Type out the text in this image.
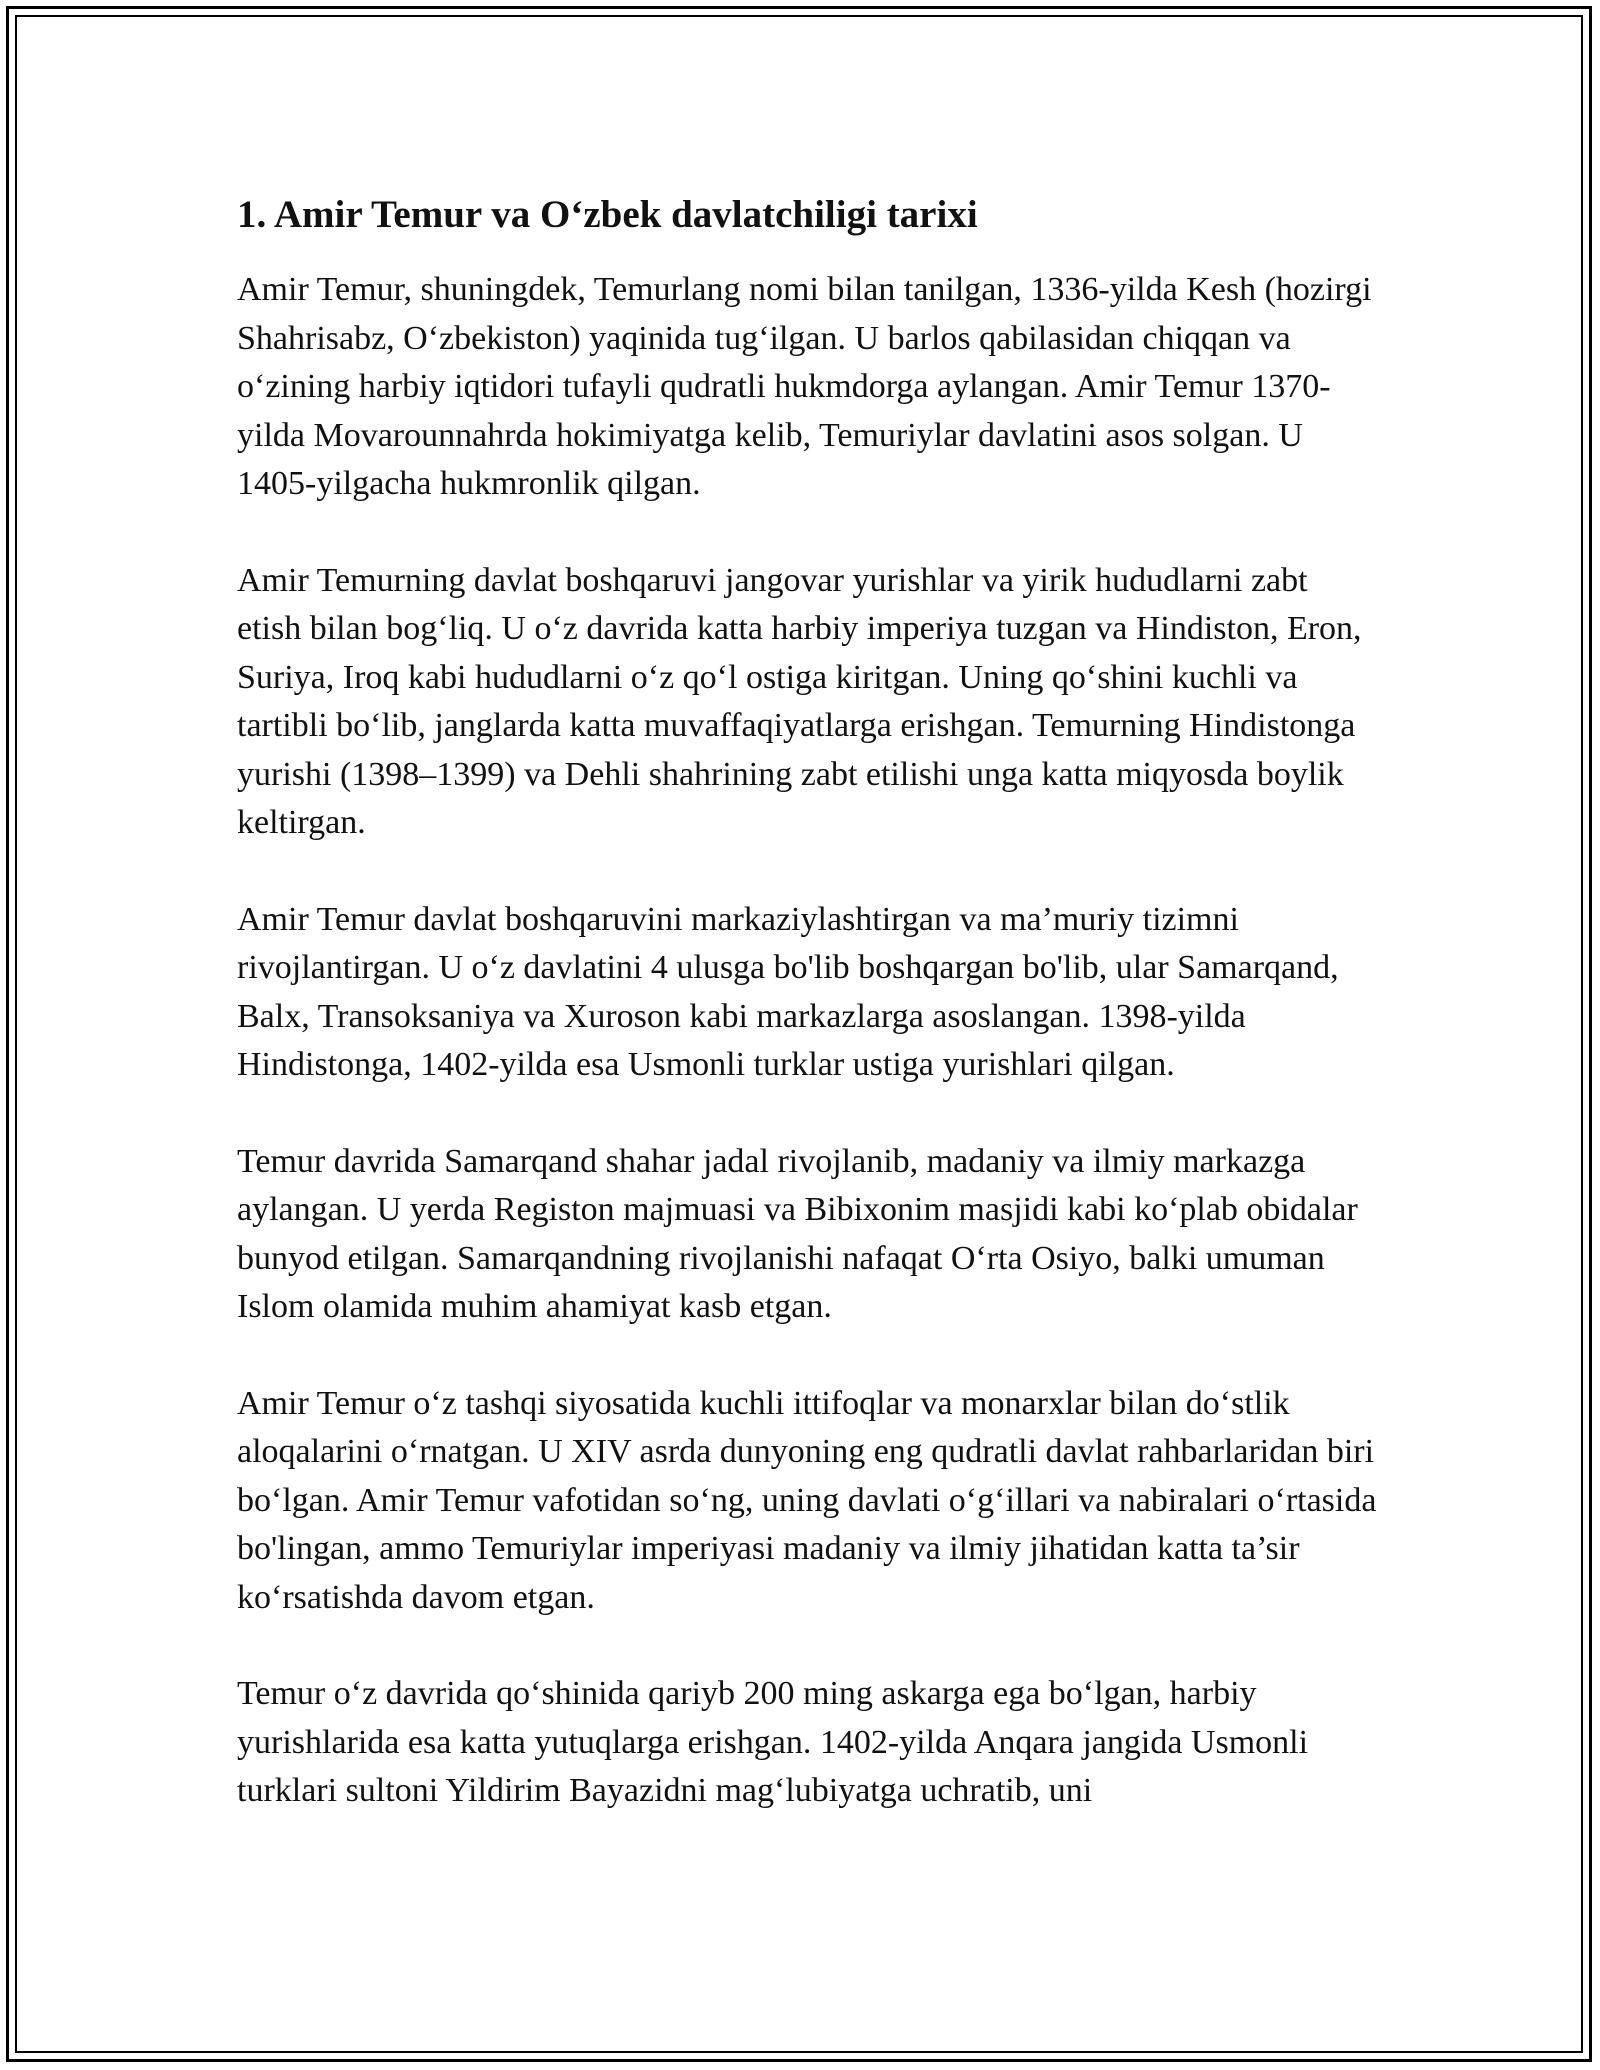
1. Amir Temur va O‘zbek davlatchiligi tarixi

Amir Temur, shuningdek, Temurlang nomi bilan tanilgan, 1336-yilda Kesh (hozirgi Shahrisabz, O‘zbekiston) yaqinida tug‘ilgan. U barlos qabilasidan chiqqan va o‘zining harbiy iqtidori tufayli qudratli hukmdorga aylangan. Amir Temur 1370-yilda Movarounnahrda hokimiyatga kelib, Temuriylar davlatini asos solgan. U 1405-yilgacha hukmronlik qilgan.

Amir Temurning davlat boshqaruvi jangovar yurishlar va yirik hududlarni zabt etish bilan bog‘liq. U o‘z davrida katta harbiy imperiya tuzgan va Hindiston, Eron, Suriya, Iroq kabi hududlarni o‘z qo‘l ostiga kiritgan. Uning qo‘shini kuchli va tartibli bo‘lib, janglarda katta muvaffaqiyatlarga erishgan. Temurning Hindistonga yurishi (1398–1399) va Dehli shahrining zabt etilishi unga katta miqyosda boylik keltirgan.

Amir Temur davlat boshqaruvini markaziylashtirgan va ma’muriy tizimni rivojlantirgan. U o‘z davlatini 4 ulusga bo'lib boshqargan bo'lib, ular Samarqand, Balx, Transoksaniya va Xuroson kabi markazlarga asoslangan. 1398-yilda Hindistonga, 1402-yilda esa Usmonli turklar ustiga yurishlari qilgan.

Temur davrida Samarqand shahar jadal rivojlanib, madaniy va ilmiy markazga aylangan. U yerda Registon majmuasi va Bibixonim masjidi kabi ko‘plab obidalar bunyod etilgan. Samarqandning rivojlanishi nafaqat O‘rta Osiyo, balki umuman Islom olamida muhim ahamiyat kasb etgan.

Amir Temur o‘z tashqi siyosatida kuchli ittifoqlar va monarxlar bilan do‘stlik aloqalarini o‘rnatgan. U XIV asrda dunyoning eng qudratli davlat rahbarlaridan biri bo‘lgan. Amir Temur vafotidan so‘ng, uning davlati o‘g‘illari va nabiralari o‘rtasida bo'lingan, ammo Temuriylar imperiyasi madaniy va ilmiy jihatidan katta ta’sir ko‘rsatishda davom etgan.

Temur o‘z davrida qo‘shinida qariyb 200 ming askarga ega bo‘lgan, harbiy yurishlarida esa katta yutuqlarga erishgan. 1402-yilda Anqara jangida Usmonli turklari sultoni Yildirim Bayazidni mag‘lubiyatga uchratib, uni
